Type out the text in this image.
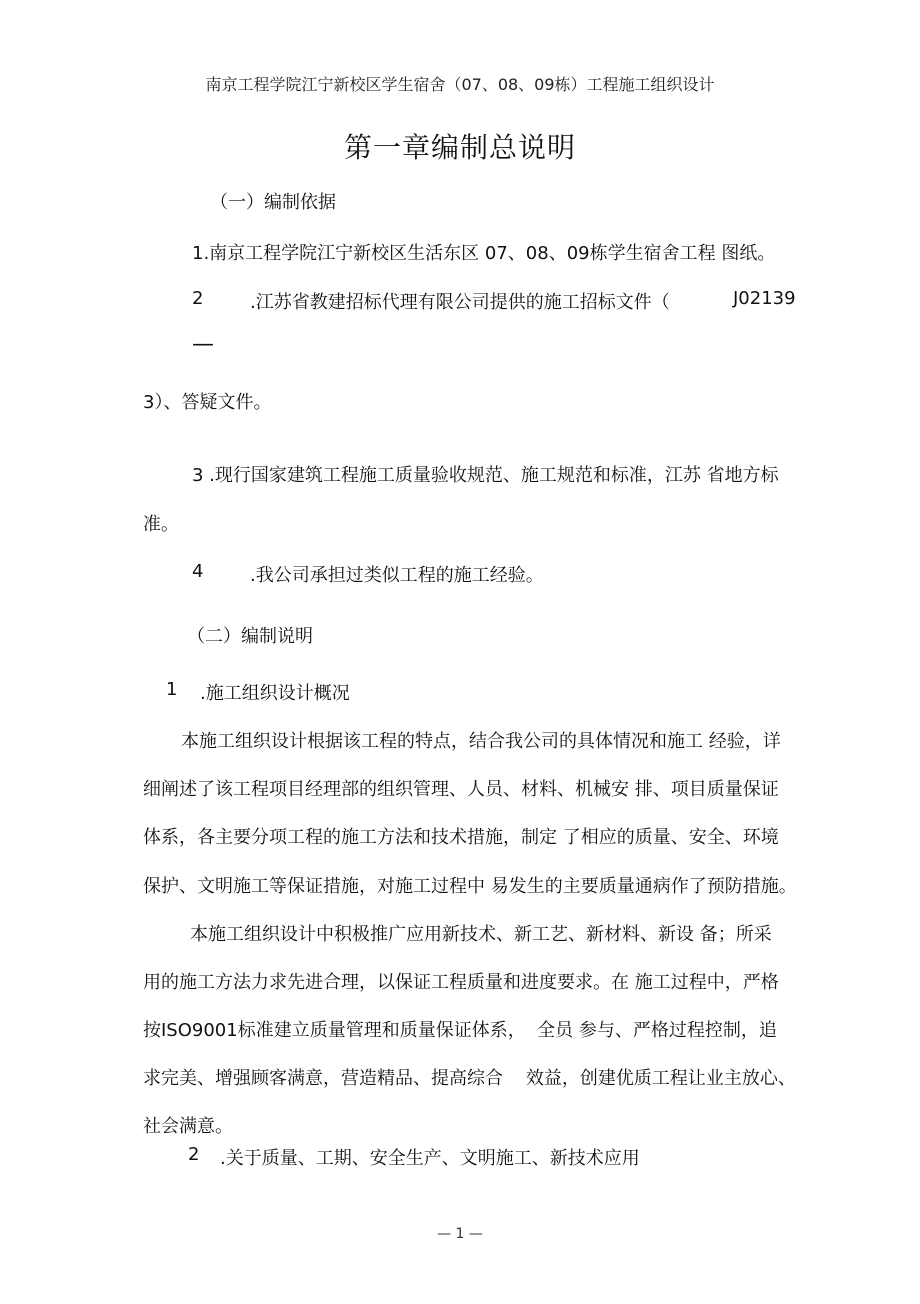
南京工程学院江宁新校区学生宿舍（07、08、09栋）工程施工组织设计
第一章编制总说明
（一）编制依据
1.南京工程学院江宁新校区生活东区 07、08、09栋学生宿舍工程 图纸。
2	.江苏省教建招标代理有限公司提供的施工招标文件（	J02139
—
3）、答疑文件。
3 .现行国家建筑工程施工质量验收规范、施工规范和标准，江苏 省地方标
准。
4	.我公司承担过类似工程的施工经验。
（二）编制说明
1 .施工组织设计概况
本施工组织设计根据该工程的特点，结合我公司的具体情况和施工 经验，详
细阐述了该工程项目经理部的组织管理、人员、材料、机械安 排、项目质量保证
体系，各主要分项工程的施工方法和技术措施，制定 了相应的质量、安全、环境
保护、文明施工等保证措施，对施工过程中 易发生的主要质量通病作了预防措施。
本施工组织设计中积极推广应用新技术、新工艺、新材料、新设 备；所采
用的施工方法力求先进合理，以保证工程质量和进度要求。在 施工过程中，严格
按ISO9001标准建立质量管理和质量保证体系，  全员 参与、严格过程控制，追
求完美、增强顾客满意，营造精品、提高综合    效益，创建优质工程让业主放心、
社会满意。
2 .关于质量、工期、安全生产、文明施工、新技术应用
— 1 —
